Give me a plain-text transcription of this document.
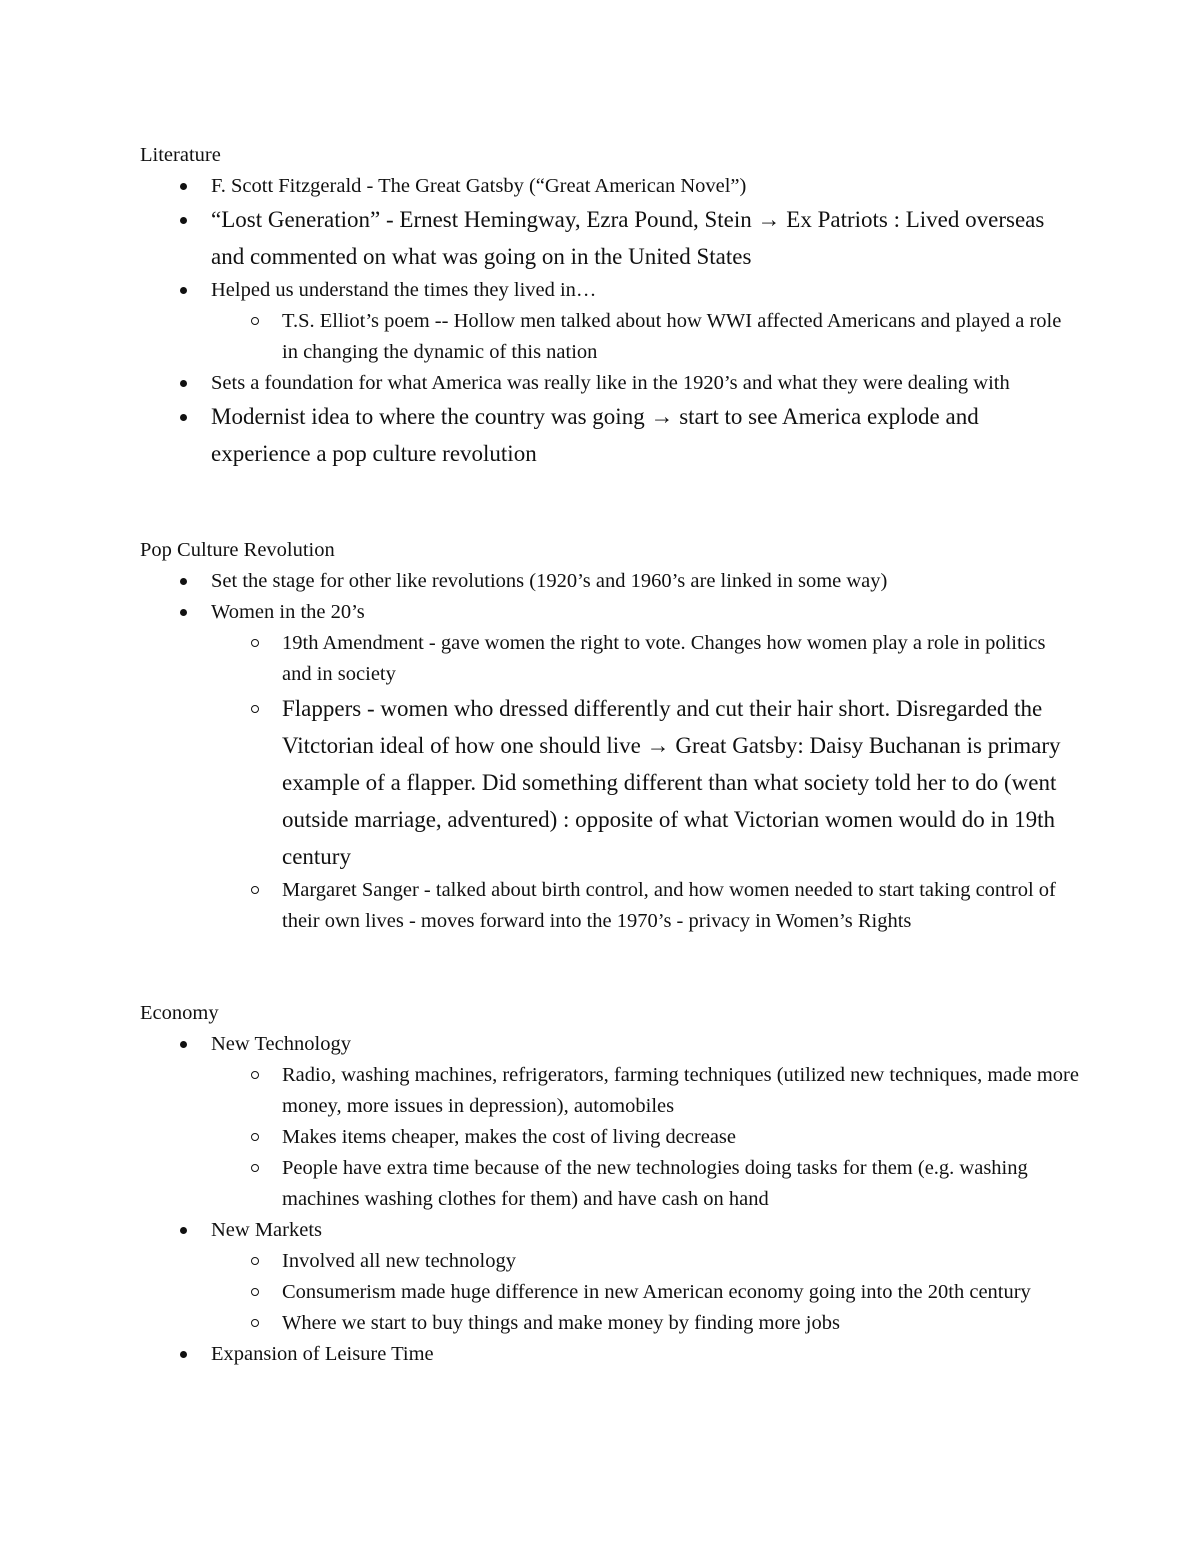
Literature

F. Scott Fitzgerald - The Great Gatsby (“Great American Novel”)
“Lost Generation” - Ernest Hemingway, Ezra Pound, Stein → Ex Patriots : Lived overseas and commented on what was going on in the United States
Helped us understand the times they lived in…
T.S. Elliot’s poem -- Hollow men talked about how WWI affected Americans and played a role in changing the dynamic of this nation
Sets a foundation for what America was really like in the 1920’s and what they were dealing with
Modernist idea to where the country was going → start to see America explode and experience a pop culture revolution

Pop Culture Revolution

Set the stage for other like revolutions (1920’s and 1960’s are linked in some way)
Women in the 20’s
19th Amendment - gave women the right to vote. Changes how women play a role in politics and in society
Flappers - women who dressed differently and cut their hair short. Disregarded the Vitctorian ideal of how one should live → Great Gatsby: Daisy Buchanan is primary example of a flapper. Did something different than what society told her to do (went outside marriage, adventured) : opposite of what Victorian women would do in 19th century
Margaret Sanger - talked about birth control, and how women needed to start taking control of their own lives - moves forward into the 1970’s - privacy in Women’s Rights

Economy

New Technology
Radio, washing machines, refrigerators, farming techniques (utilized new techniques, made more money, more issues in depression), automobiles
Makes items cheaper, makes the cost of living decrease
People have extra time because of the new technologies doing tasks for them (e.g. washing machines washing clothes for them) and have cash on hand
New Markets
Involved all new technology
Consumerism made huge difference in new American economy going into the 20th century
Where we start to buy things and make money by finding more jobs
Expansion of Leisure Time
